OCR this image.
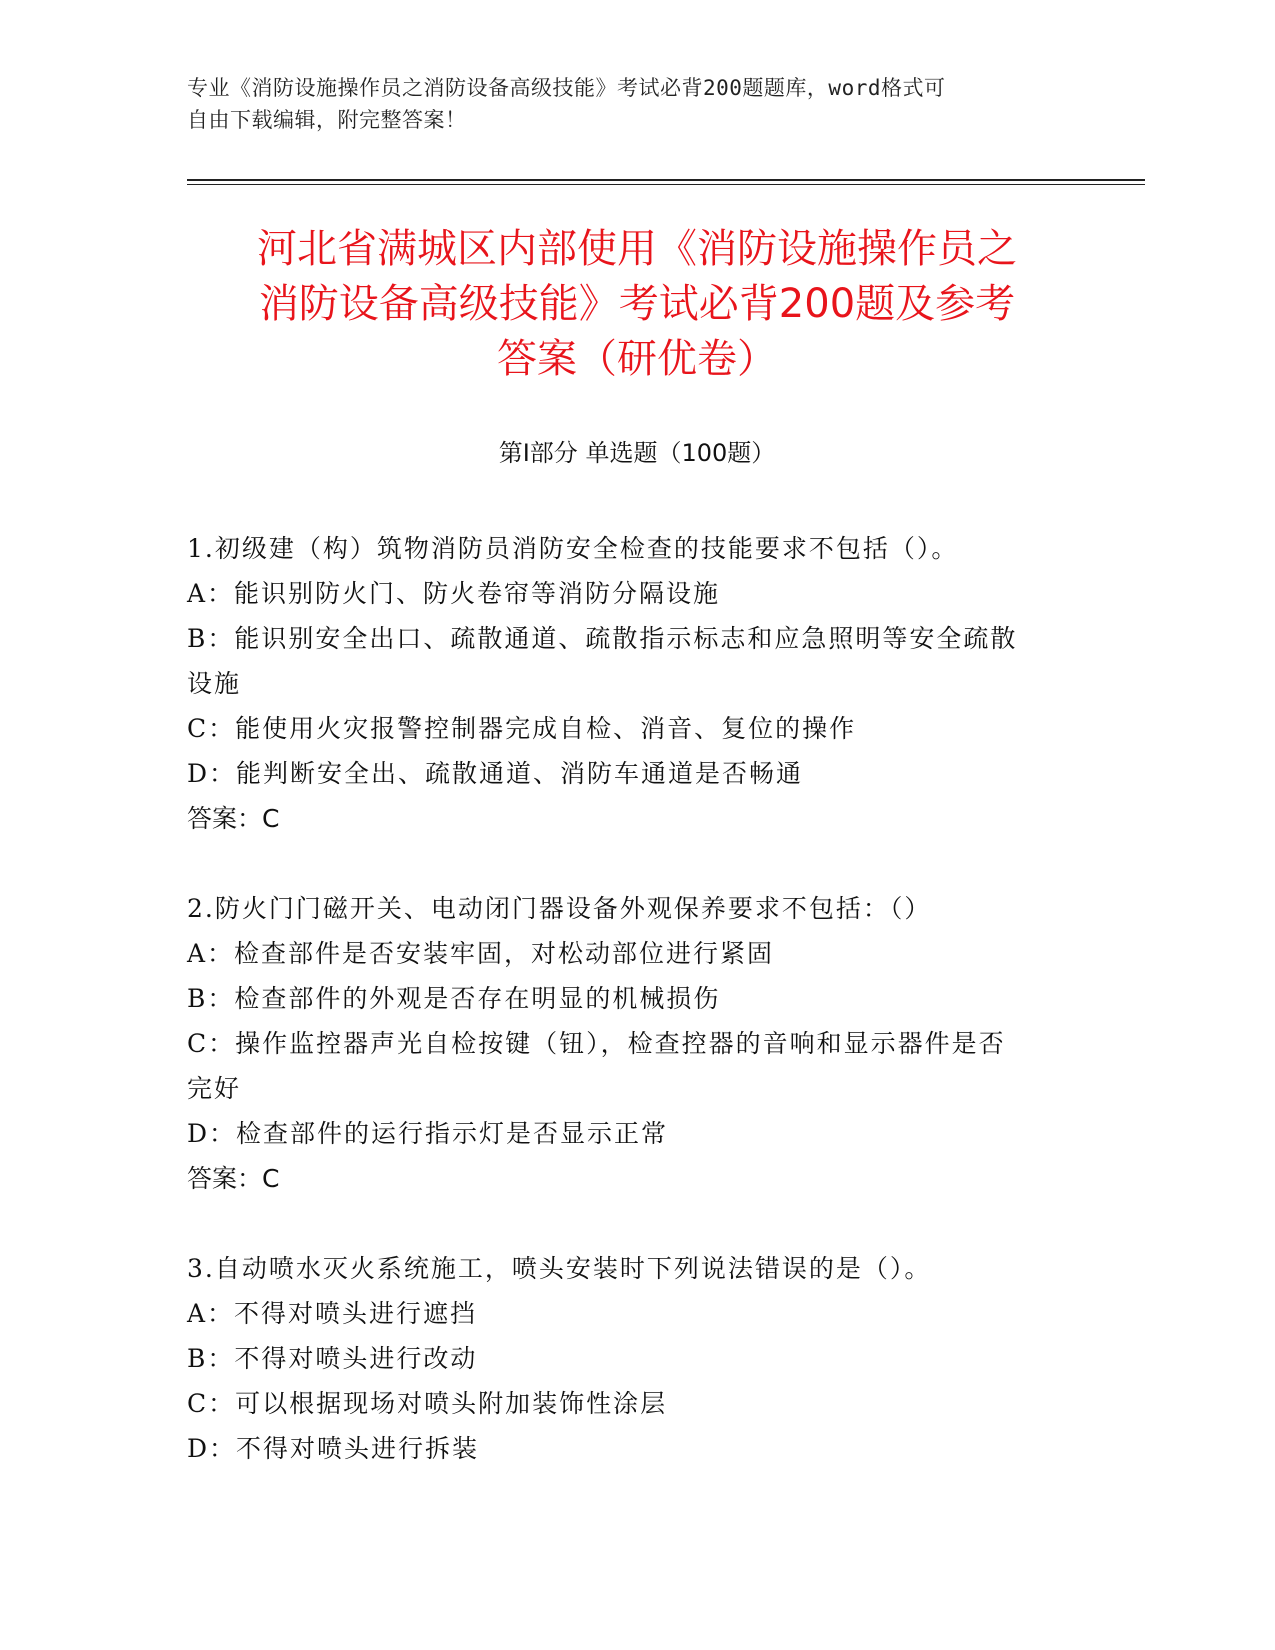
专业《消防设施操作员之消防设备高级技能》考试必背200题题库，word格式可
自由下载编辑，附完整答案！
河北省满城区内部使用《消防设施操作员之
消防设备高级技能》考试必背200题及参考
答案（研优卷）
第Ⅰ部分 单选题（100题）
1.初级建（构）筑物消防员消防安全检查的技能要求不包括（）。
A：能识别防火门、防火卷帘等消防分隔设施
B：能识别安全出口、疏散通道、疏散指示标志和应急照明等安全疏散
设施
C：能使用火灾报警控制器完成自检、消音、复位的操作
D：能判断安全出、疏散通道、消防车通道是否畅通
答案：C
2.防火门门磁开关、电动闭门器设备外观保养要求不包括：（）
A：检查部件是否安装牢固，对松动部位进行紧固
B：检查部件的外观是否存在明显的机械损伤
C：操作监控器声光自检按键（钮），检查控器的音响和显示器件是否
完好
D：检查部件的运行指示灯是否显示正常
答案：C
3.自动喷水灭火系统施工，喷头安装时下列说法错误的是（）。
A：不得对喷头进行遮挡
B：不得对喷头进行改动
C：可以根据现场对喷头附加装饰性涂层
D：不得对喷头进行拆装
